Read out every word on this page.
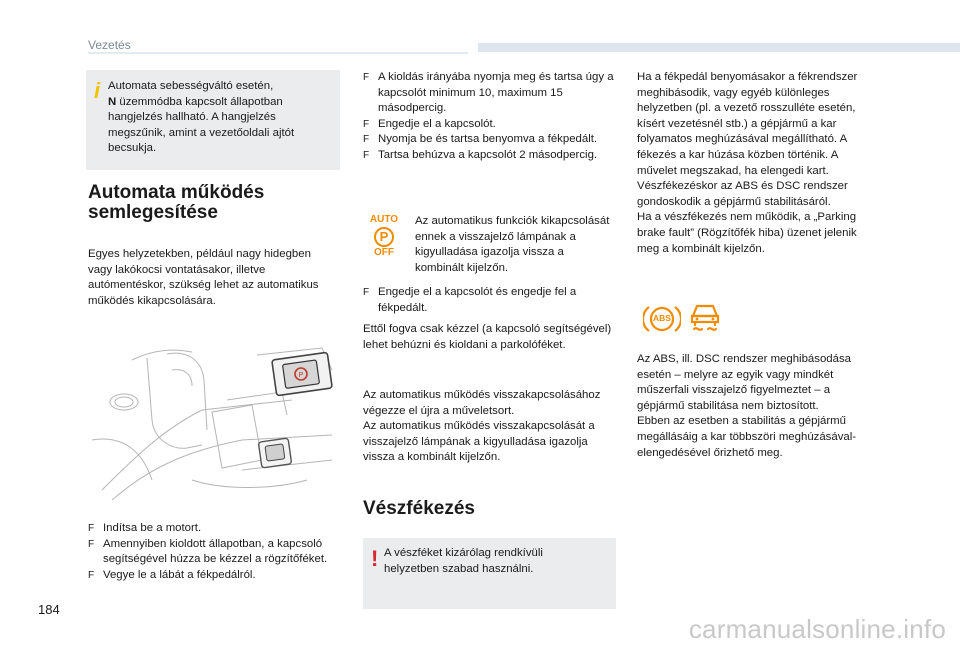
Vezetés
i Automata sebességváltó esetén,
N üzemmódba kapcsolt állapotban
hangjelzés hallható. A hangjelzés megszűnik, amint a vezetőoldali ajtót becsukja.
Automata működés
semlegesítése
Egyes helyzetekben, például nagy hidegben vagy lakókocsi vontatásakor, illetve autómentéskor, szükség lehet az automatikus működés kikapcsolására.
P
F Indítsa be a motort.
F Amennyiben kioldott állapotban, a kapcsoló segítségével húzza be kézzel a rögzítőféket.
F Vegye le a lábát a fékpedálról.
F A kioldás irányába nyomja meg és tartsa úgy a kapcsolót minimum 10, maximum 15 másodpercig.
F Engedje el a kapcsolót.
F Nyomja be és tartsa benyomva a fékpedált.
F Tartsa behúzva a kapcsolót 2 másodpercig.
AUTO
P
OFF
Az automatikus funkciók kikapcsolását ennek a visszajelző lámpának a kigyulladása igazolja vissza a kombinált kijelzőn.
F Engedje el a kapcsolót és engedje fel a fékpedált.
Ettől fogva csak kézzel (a kapcsoló segítségével) lehet behúzni és kioldani a parkolóféket.
Az automatikus működés visszakapcsolásához végezze el újra a műveletsort.
Az automatikus működés visszakapcsolását a visszajelző lámpának a kigyulladása igazolja vissza a kombinált kijelzőn.
Vészfékezés
! A vészféket kizárólag rendkívüli helyzetben szabad használni.
Ha a fékpedál benyomásakor a fékrendszer meghibásodik, vagy egyéb különleges helyzetben (pl. a vezető rosszulléte esetén, kísért vezetésnél stb.) a gépjármű a kar folyamatos meghúzásával megállítható. A fékezés a kar húzása közben történik. A művelet megszakad, ha elengedi kart.
Vészfékezéskor az ABS és DSC rendszer gondoskodik a gépjármű stabilitásáról.
Ha a vészfékezés nem működik, a „Parking brake fault” (Rögzítőfék hiba) üzenet jelenik meg a kombinált kijelzőn.
ABS
Az ABS, ill. DSC rendszer meghibásodása esetén – melyre az egyik vagy mindkét műszerfali visszajelző figyelmeztet – a gépjármű stabilitása nem biztosított.
Ebben az esetben a stabilitás a gépjármű megállásáig a kar többszöri meghúzásával- elengedésével őrizhető meg.
184
carmanualsonline.info
